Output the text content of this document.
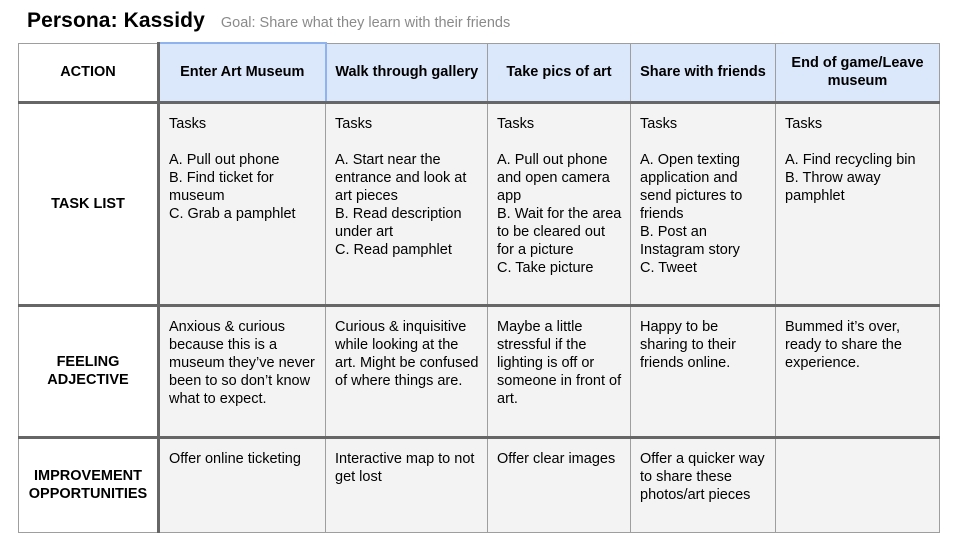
Persona: Kassidy Goal: Share what they learn with their friends
ACTION	Enter Art Museum	Walk through gallery	Take pics of art	Share with friends	End of game/Leave museum
TASK LIST	Tasks

A. Pull out phone
B. Find ticket for museum
C. Grab a pamphlet	Tasks

A. Start near the entrance and look at art pieces
B. Read description under art
C. Read pamphlet	Tasks

A. Pull out phone and open camera app
B. Wait for the area to be cleared out for a picture
C. Take picture	Tasks

A. Open texting application and send pictures to friends
B. Post an Instagram story
C. Tweet	Tasks

A. Find recycling bin
B. Throw away pamphlet
FEELING ADJECTIVE	Anxious & curious because this is a museum they’ve never been to so don’t know what to expect.	Curious & inquisitive while looking at the art. Might be confused of where things are.	Maybe a little stressful if the lighting is off or someone in front of art.	Happy to be sharing to their friends online.	Bummed it’s over, ready to share the experience.
IMPROVEMENT OPPORTUNITIES	Offer online ticketing	Interactive map to not get lost	Offer clear images	Offer a quicker way to share these photos/art pieces	
